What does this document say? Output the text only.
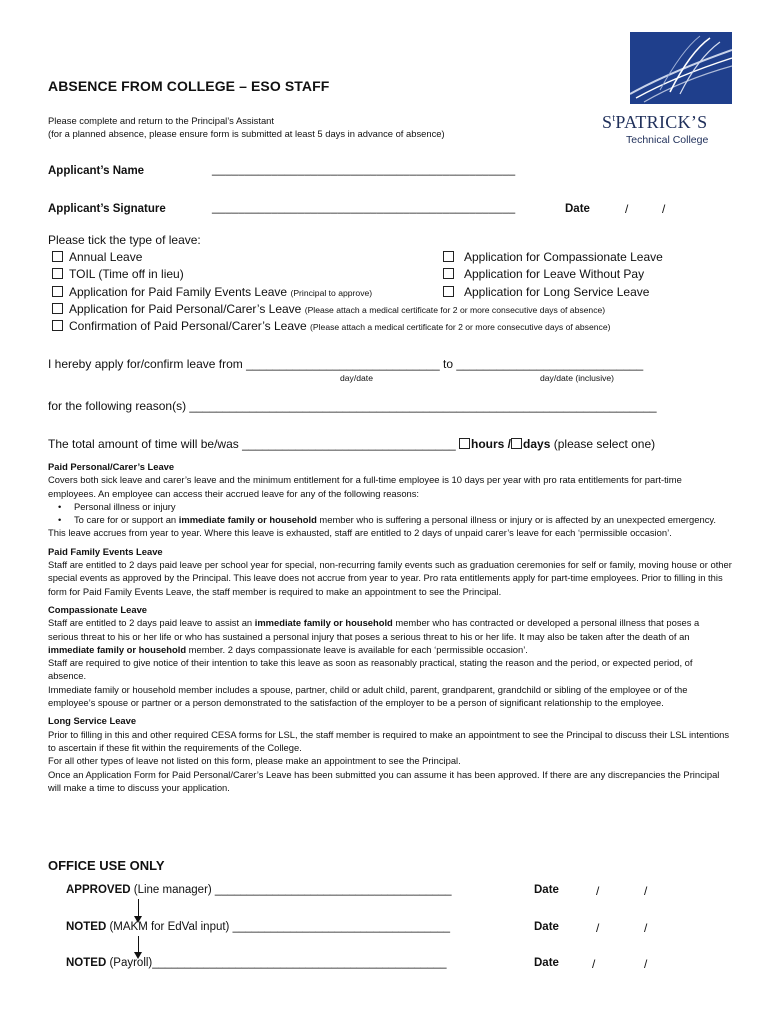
ABSENCE FROM COLLEGE – ESO STAFF
Please complete and return to the Principal’s Assistant
(for a planned absence, please ensure form is submitted at least 5 days in advance of absence)
$S^tPATRICK’S$
Technical College
Applicant’s Name	______________________________________________
Applicant’s Signature	______________________________________________	Date	/	/
Please tick the type of leave:
Annual Leave
TOIL (Time off in lieu)
Application for Paid Family Events Leave (Principal to approve)
Application for Compassionate Leave
Application for Leave Without Pay
Application for Long Service Leave
Application for Paid Personal/Carer’s Leave (Please attach a medical certificate for 2 or more consecutive days of absence)
Confirmation of Paid Personal/Carer’s Leave (Please attach a medical certificate for 2 or more consecutive days of absence)
I hereby apply for/confirm leave from _____________________________ to ____________________________
day/date	day/date (inclusive)
for the following reason(s) ______________________________________________________________________
The total amount of time will be/was ________________________________ hours / days (please select one)
Paid Personal/Carer’s Leave

Covers both sick leave and carer’s leave and the minimum entitlement for a full-time employee is 10 days per year with pro rata entitlements for part-time employees. An employee can access their accrued leave for any of the following reasons:

• Personal illness or injury
• To care for or support an immediate family or household member who is suffering a personal illness or injury or is affected by an unexpected emergency.

This leave accrues from year to year. Where this leave is exhausted, staff are entitled to 2 days of unpaid carer’s leave for each ‘permissible occasion’.

Paid Family Events Leave

Staff are entitled to 2 days paid leave per school year for special, non-recurring family events such as graduation ceremonies for self or family, moving house or other special events as approved by the Principal. This leave does not accrue from year to year. Pro rata entitlements apply for part-time employees. Prior to filling in this form for Paid Family Events Leave, the staff member is required to make an appointment to see the Principal.

Compassionate Leave

Staff are entitled to 2 days paid leave to assist an immediate family or household member who has contracted or developed a personal illness that poses a serious threat to his or her life or who has sustained a personal injury that poses a serious threat to his or her life. It may also be taken after the death of an immediate family or household member. 2 days compassionate leave is available for each ‘permissible occasion’.

Staff are required to give notice of their intention to take this leave as soon as reasonably practical, stating the reason and the period, or expected period, of absence.

Immediate family or household member includes a spouse, partner, child or adult child, parent, grandparent, grandchild or sibling of the employee or of the employee’s spouse or partner or a person demonstrated to the satisfaction of the employer to be a person of significant relationship to the employee.

Long Service Leave

Prior to filling in this and other required CESA forms for LSL, the staff member is required to make an appointment to see the Principal to discuss their LSL intentions to ascertain if these fit within the requirements of the College.

For all other types of leave not listed on this form, please make an appointment to see the Principal.

Once an Application Form for Paid Personal/Carer’s Leave has been submitted you can assume it has been approved. If there are any discrepancies the Principal will make a time to discuss your application.

OFFICE USE ONLY
APPROVED (Line manager) _____________________________________	Date	/	/
NOTED (MAKM for EdVal input) __________________________________	Date	/	/
NOTED (Payroll)______________________________________________	Date	/	/
